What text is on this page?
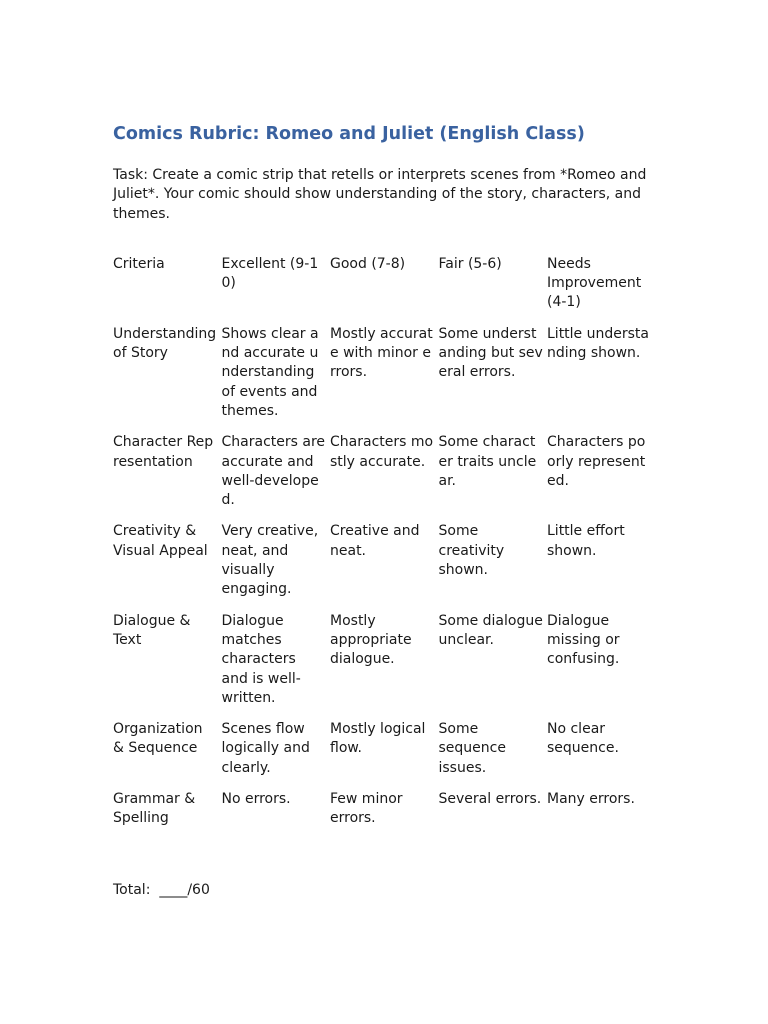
Comics Rubric: Romeo and Juliet (English Class)
Task: Create a comic strip that retells or interprets scenes from *Romeo and Juliet*. Your comic should show understanding of the story, characters, and themes.
Criteria	Excellent (9-10)	Good (7-8)	Fair (5-6)	Needs Improvement (4-1)

Understanding of Story	Shows clear and accurate understanding of events and themes.	Mostly accurate with minor errors.	Some understanding but several errors.	Little understanding shown.

Character Representation	Characters are accurate and well-developed.	Characters mostly accurate.	Some character traits unclear.	Characters poorly represented.

Creativity & Visual Appeal	Very creative, neat, and visually engaging.	Creative and neat.	Some creativity shown.	Little effort shown.

Dialogue & Text	Dialogue matches characters and is well-written.	Mostly appropriate dialogue.	Some dialogue unclear.	Dialogue missing or confusing.

Organization & Sequence	Scenes flow logically and clearly.	Mostly logical flow.	Some sequence issues.	No clear sequence.

Grammar & Spelling	No errors.	Few minor errors.	Several errors.	Many errors.
Total:  ____/60
